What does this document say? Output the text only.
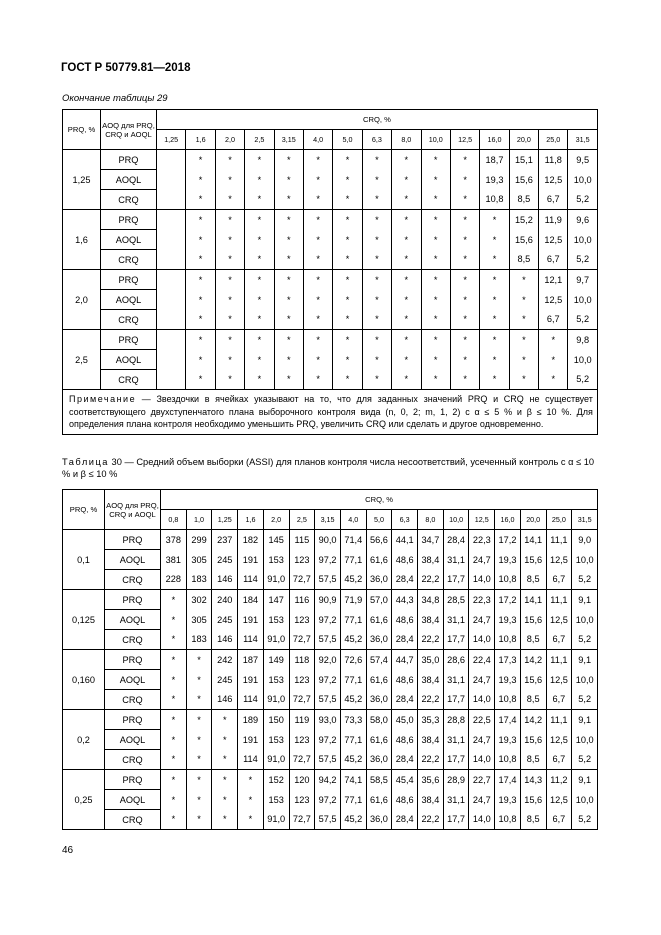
ГОСТ Р 50779.81—2018
Окончание таблицы 29
PRQ, %	AOQ для PRQ, CRQ и AOQL	CRQ, %														
		1,25	1,6	2,0	2,5	3,15	4,0	5,0	6,3	8,0	10,0	12,5	16,0	20,0	25,0	31,5
1,25	PRQ		*	*	*	*	*	*	*	*	*	*	18,7	15,1	11,8	9,5
	AOQL		*	*	*	*	*	*	*	*	*	*	19,3	15,6	12,5	10,0
	CRQ		*	*	*	*	*	*	*	*	*	*	10,8	8,5	6,7	5,2
1,6	PRQ		*	*	*	*	*	*	*	*	*	*	*	15,2	11,9	9,6
	AOQL		*	*	*	*	*	*	*	*	*	*	*	15,6	12,5	10,0
	CRQ		*	*	*	*	*	*	*	*	*	*	*	8,5	6,7	5,2
2,0	PRQ		*	*	*	*	*	*	*	*	*	*	*	*	12,1	9,7
	AOQL		*	*	*	*	*	*	*	*	*	*	*	*	12,5	10,0
	CRQ		*	*	*	*	*	*	*	*	*	*	*	*	6,7	5,2
2,5	PRQ		*	*	*	*	*	*	*	*	*	*	*	*	*	9,8
	AOQL		*	*	*	*	*	*	*	*	*	*	*	*	*	10,0
	CRQ		*	*	*	*	*	*	*	*	*	*	*	*	*	5,2
Примечание — Звездочки в ячейках указывают на то, что для заданных значений PRQ и CRQ не существует соответствующего двухступенчатого плана выборочного контроля вида (n, 0, 2; m, 1, 2) с α ≤ 5 % и β ≤ 10 %. Для определения плана контроля необходимо уменьшить PRQ, увеличить CRQ или сделать и другое одновременно.																
Таблица 30 — Средний объем выборки (ASSI) для планов контроля числа несоответствий, усеченный контроль с α ≤ 10 % и β ≤ 10 %
PRQ, %	AOQ для PRQ, CRQ и AOQL	CRQ, %																
		0,8	1,0	1,25	1,6	2,0	2,5	3,15	4,0	5,0	6,3	8,0	10,0	12,5	16,0	20,0	25,0	31,5
0,1	PRQ	378	299	237	182	145	115	90,0	71,4	56,6	44,1	34,7	28,4	22,3	17,2	14,1	11,1	9,0
	AOQL	381	305	245	191	153	123	97,2	77,1	61,6	48,6	38,4	31,1	24,7	19,3	15,6	12,5	10,0
	CRQ	228	183	146	114	91,0	72,7	57,5	45,2	36,0	28,4	22,2	17,7	14,0	10,8	8,5	6,7	5,2
0,125	PRQ	*	302	240	184	147	116	90,9	71,9	57,0	44,3	34,8	28,5	22,3	17,2	14,1	11,1	9,1
	AOQL	*	305	245	191	153	123	97,2	77,1	61,6	48,6	38,4	31,1	24,7	19,3	15,6	12,5	10,0
	CRQ	*	183	146	114	91,0	72,7	57,5	45,2	36,0	28,4	22,2	17,7	14,0	10,8	8,5	6,7	5,2
0,160	PRQ	*	*	242	187	149	118	92,0	72,6	57,4	44,7	35,0	28,6	22,4	17,3	14,2	11,1	9,1
	AOQL	*	*	245	191	153	123	97,2	77,1	61,6	48,6	38,4	31,1	24,7	19,3	15,6	12,5	10,0
	CRQ	*	*	146	114	91,0	72,7	57,5	45,2	36,0	28,4	22,2	17,7	14,0	10,8	8,5	6,7	5,2
0,2	PRQ	*	*	*	189	150	119	93,0	73,3	58,0	45,0	35,3	28,8	22,5	17,4	14,2	11,1	9,1
	AOQL	*	*	*	191	153	123	97,2	77,1	61,6	48,6	38,4	31,1	24,7	19,3	15,6	12,5	10,0
	CRQ	*	*	*	114	91,0	72,7	57,5	45,2	36,0	28,4	22,2	17,7	14,0	10,8	8,5	6,7	5,2
0,25	PRQ	*	*	*	*	152	120	94,2	74,1	58,5	45,4	35,6	28,9	22,7	17,4	14,3	11,2	9,1
	AOQL	*	*	*	*	153	123	97,2	77,1	61,6	48,6	38,4	31,1	24,7	19,3	15,6	12,5	10,0
	CRQ	*	*	*	*	91,0	72,7	57,5	45,2	36,0	28,4	22,2	17,7	14,0	10,8	8,5	6,7	5,2
46
